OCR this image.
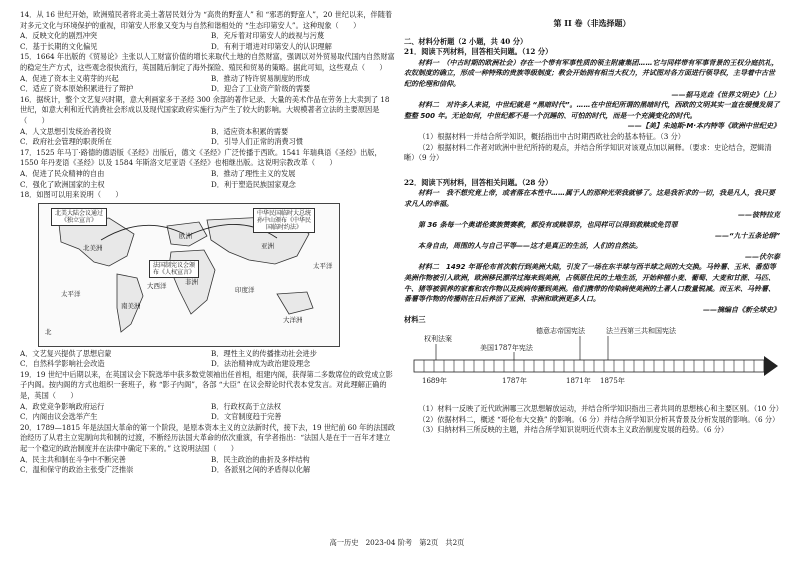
14．从 16 世纪开始，欧洲殖民者将北美土著居民划分为 “高贵的野蛮人” 和 “邪恶的野蛮人”，20 世纪以来，伴随着对多元文化与环境保护的重视，印第安人形象又变为与自然和谐相处的 “生态印第安人”。这种现象（　　）

A．反映文化的剧烈冲突	B．充斥着对印第安人的歧视与污蔑
C．基于长期的文化偏见	D．有利于增进对印第安人的认识理解

15．1664 年出版的《贸易论》主张以人工财富价值的增长来取代土地的自然财富，强调以对外贸易取代国内自然财富的稳定生产方式，这些观念很快流行，英国随后制定了海外探险、殖民和贸易的策略。据此可知，这些观点（　　）

A．促进了资本主义萌芽的兴起	B．推动了特许贸易制度的形成
C．适应了资本原始积累进行了辩护	D．迎合了工业资产阶级的需要

16．据统计，整个文艺复兴时期，意大利画家多于圣经 300 余部的著作记录、大量的美术作品在劳务上大卖到了 18 世纪，如意大利和近代消费社会形成以及现代国家政府实施行为产生了较大的影响。大规模著者立法的主要原因是（　　）

A．人文思想引发统治者投资	B．适应资本积累的需要
C．政府社会管理的职责所在	D．引导人们正常的消费习惯

17．1525 年马丁·路德的德语版《圣经》出版后，德文《圣经》广泛传播于西欧。1541 年瑞典语《圣经》出版，1550 年丹麦语《圣经》以及 1584 年斯洛文尼亚语《圣经》也相继出版。这说明宗教改革（　　）

A．促进了民众精神的自由	B．推动了理性主义的发展
C．强化了欧洲国家的主权	D．利于塑造民族国家观念

18．如图可以用来说明（　　）

北美大陆会议通过《独立宣言》
法国制宪议会颁布《人权宣言》
中华民国临时大总统孙中山颁布《中华民国临时约法》
大西洋
太平洋
太平洋
印度洋
欧洲
亚洲
非洲
北美洲
南美洲
大洋洲
北
A．文艺复兴提供了思想启蒙	B．理性主义的传播推动社会进步
C．自然科学影响社会改造	D．法治精神成为政治建设理念

19．19 世纪中后期以来，在英国议会下院选举中获多数党领袖出任首相，组建内阁，获得第二多数席位的政党成立影子内阁。按内阁的方式也组织一套班子，称 “影子内阁”，各部 “大臣” 在议会辩论时代表本党发言。对此理解正确的是，英国（　　）

A．政党竞争影响政府运行	B．行政权高于立法权
C．内阁由议会选举产生	D．文官制度趋于完善

20．1789—1815 年是法国大革命的第一个阶段，是原本资本主义的立法新时代，接下去，19 世纪前 60 年的法国政治经历了从君主立宪制向共和制的过渡，不断经历法国大革命的依次重演，有学者指出：“法国人是在于一百年才建立起一个稳定的政治制度并在法律中确定下来的。” 这说明法国（　　）

A．民主共和制在斗争中不断完善	B．民主政治的曲折及多样结构
C．温和保守的政治主张受广泛推崇	D．各派别之间的矛盾得以化解

第 II 卷（非选择题）

二、材料分析题（2 小题，共 40 分）

21．阅读下列材料，回答相关问题。（12 分）

材料一　（中古时期的欧洲社会）存在一个带有军事性质的领主附庸集团……它与同样带有军事背景的王权分庭抗礼，农奴制度的确立，形成一种特殊的贵族等级制度；教会开始拥有相当大权力，并试图对各方面进行领导权，主导着中古世纪的伦理和信仰。

——据马克垚《世界文明史》（上）

材料二　对许多人来说，中世纪就是 “黑暗时代”。……在中世纪所谓的黑暗时代，西欧的文明其实一直在缓慢发展了整整 500 年。无论如何，中世纪都不是一个沉睡的、可怕的时代，而是一个充满变化的时代。

——【美】朱迪斯·M·本内特等《欧洲中世纪史》

（1）根据材料一并结合所学知识，概括指出中古时期西欧社会的基本特征。（3 分）

（2）根据材料二作者对欧洲中世纪所持的观点，并结合所学知识对该观点加以阐释。（要求：史论结合，逻辑清晰）（9 分）

22．阅读下列材料，回答相关问题。（28 分）

材料一　我不想究竟上帝，或者落在本性中……属于人的那种光荣我就够了。这是我祈求的一切，我是凡人，我只要求凡人的幸福。

——彼特拉克

第 36 条每一个奥诺伦赛族赞赛教，都没有或赎罪券，也同样可以得到救赎或免罚罪

——“九十五条论纲”

本身自由，周围的人与自己平等——这才是真正的生活，人们的自然法。

——伏尔泰

材料二　1492 年哥伦布首次航行到美洲大陆，引发了一场在东半球与西半球之间的大交换。马铃薯、玉米、番茄等美洲作物被引入欧洲，欧洲移民漂洋过海来到美洲，占领原住民的土地生活，开始种植小麦、葡萄、大麦和甘蔗、马匹、牛、猪等被驯养的家畜和农作物以及疾病传播到美洲。他们携带的传染病使美洲的土著人口数量锐减。而玉米、马铃薯、番薯等作物的传播则在日后养活了亚洲、非洲和欧洲更多人口。

——摘编自《新全球史》

材料三

权利法案
美国1787年宪法
德意志帝国宪法	法兰西第三共和国宪法
1689年	1787年	1871年 1875年

（1）材料一反映了近代欧洲哪三次思想解放运动，并结合所学知识指出三者共同的思想核心和主要区别。（10 分）

（2）依据材料二，概述 “哥伦布大交换” 的影响。（6 分）并结合所学知识分析其背景及分析发展的影响。（6 分）

（3）归纳材料三所反映的主题，并结合所学知识说明近代资本主义政治制度发展的趋势。（6 分）

高一历史　2023-04 阶考　第2页　共2页
